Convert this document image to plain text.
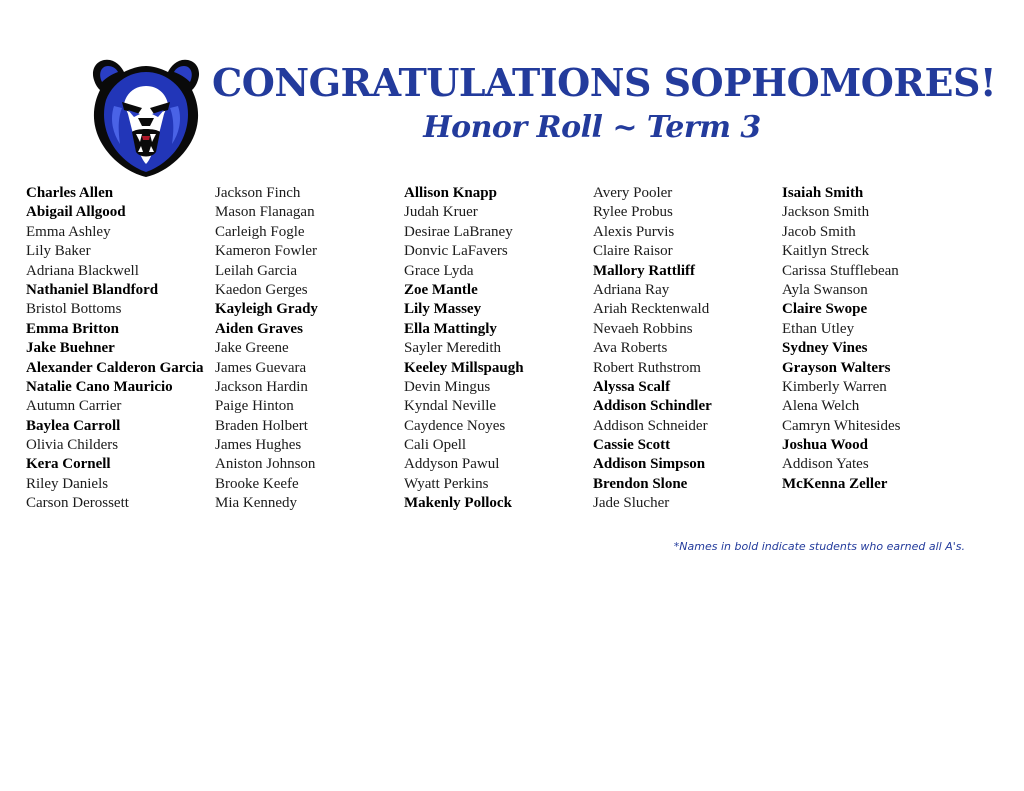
CONGRATULATIONS SOPHOMORES!
Honor Roll ~ Term 3
Charles Allen
Abigail Allgood
Emma Ashley
Lily Baker
Adriana Blackwell
Nathaniel Blandford
Bristol Bottoms
Emma Britton
Jake Buehner
Alexander Calderon Garcia
Natalie Cano Mauricio
Autumn Carrier
Baylea Carroll
Olivia Childers
Kera Cornell
Riley Daniels
Carson Derossett
Jackson Finch
Mason Flanagan
Carleigh Fogle
Kameron Fowler
Leilah Garcia
Kaedon Gerges
Kayleigh Grady
Aiden Graves
Jake Greene
James Guevara
Jackson Hardin
Paige Hinton
Braden Holbert
James Hughes
Aniston Johnson
Brooke Keefe
Mia Kennedy
Allison Knapp
Judah Kruer
Desirae LaBraney
Donvic LaFavers
Grace Lyda
Zoe Mantle
Lily Massey
Ella Mattingly
Sayler Meredith
Keeley Millspaugh
Devin Mingus
Kyndal Neville
Caydence Noyes
Cali Opell
Addyson Pawul
Wyatt Perkins
Makenly Pollock
Avery Pooler
Rylee Probus
Alexis Purvis
Claire Raisor
Mallory Rattliff
Adriana Ray
Ariah Recktenwald
Nevaeh Robbins
Ava Roberts
Robert Ruthstrom
Alyssa Scalf
Addison Schindler
Addison Schneider
Cassie Scott
Addison Simpson
Brendon Slone
Jade Slucher
Isaiah Smith
Jackson Smith
Jacob Smith
Kaitlyn Streck
Carissa Stufflebean
Ayla Swanson
Claire Swope
Ethan Utley
Sydney Vines
Grayson Walters
Kimberly Warren
Alena Welch
Camryn Whitesides
Joshua Wood
Addison Yates
McKenna Zeller

*Names in bold indicate students who earned all A's.
